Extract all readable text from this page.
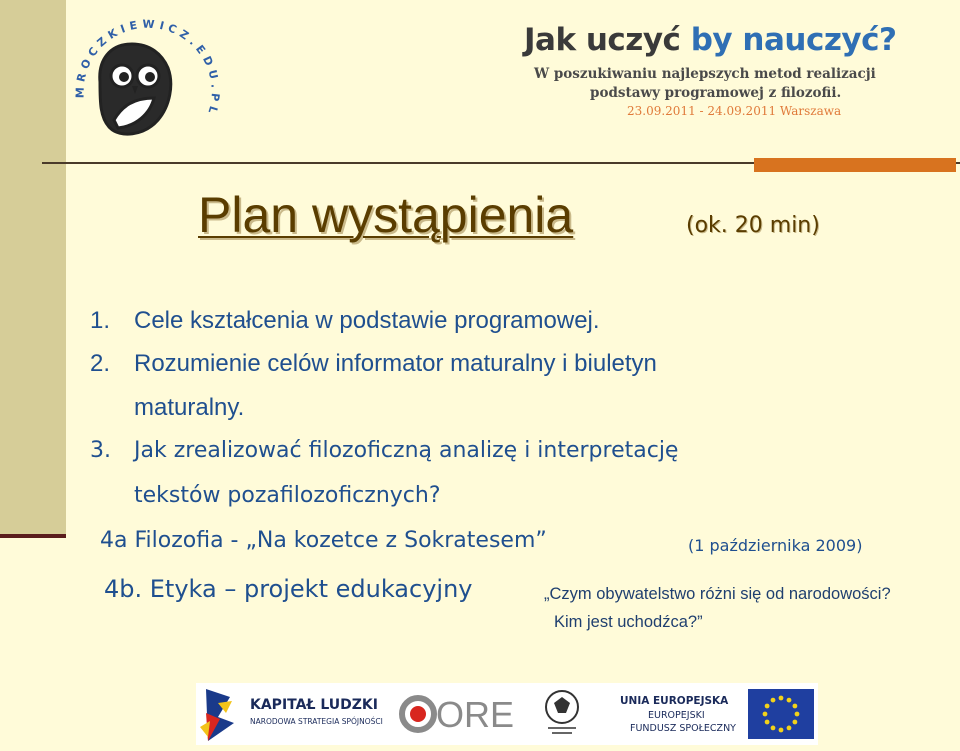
MROCZKIEWICZ.EDU.PL
Jak uczyć by nauczyć?
W poszukiwaniu najlepszych metod realizacji
podstawy programowej z filozofii.
23.09.2011 - 24.09.2011 Warszawa
Plan wystąpienia	(ok. 20 min)
1. Cele kształcenia w podstawie programowej.
2. Rozumienie celów informator maturalny i biuletyn
maturalny.
3. Jak zrealizować filozoficzną analizę i interpretację
tekstów pozafilozoficznych?
4a Filozofia - „Na kozetce z Sokratesem”	(1 października 2009)
4b. Etyka – projekt edukacyjny	„Czym obywatelstwo różni się od narodowości?
Kim jest uchodźca?”
KAPITAŁ LUDZKI
NARODOWA STRATEGIA SPÓJNOŚCI ORE	UNIA EUROPEJSKA
EUROPEJSKI
FUNDUSZ SPOŁECZNY
